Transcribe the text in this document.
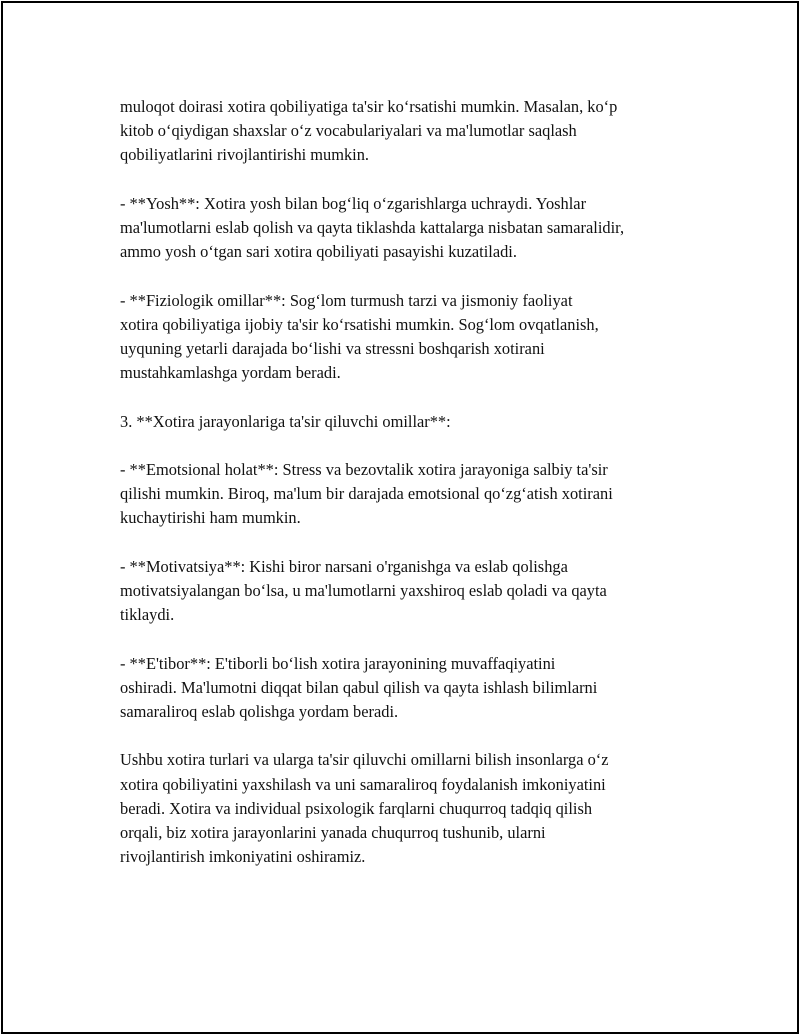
muloqot doirasi xotira qobiliyatiga ta'sir ko‘rsatishi mumkin. Masalan, ko‘p
kitob o‘qiydigan shaxslar o‘z vocabulariyalari va ma'lumotlar saqlash
qobiliyatlarini rivojlantirishi mumkin.

- **Yosh**: Xotira yosh bilan bog‘liq o‘zgarishlarga uchraydi. Yoshlar
ma'lumotlarni eslab qolish va qayta tiklashda kattalarga nisbatan samaralidir,
ammo yosh o‘tgan sari xotira qobiliyati pasayishi kuzatiladi.

- **Fiziologik omillar**: Sog‘lom turmush tarzi va jismoniy faoliyat
xotira qobiliyatiga ijobiy ta'sir ko‘rsatishi mumkin. Sog‘lom ovqatlanish,
uyquning yetarli darajada bo‘lishi va stressni boshqarish xotirani
mustahkamlashga yordam beradi.

3. **Xotira jarayonlariga ta'sir qiluvchi omillar**:

- **Emotsional holat**: Stress va bezovtalik xotira jarayoniga salbiy ta'sir
qilishi mumkin. Biroq, ma'lum bir darajada emotsional qo‘zg‘atish xotirani
kuchaytirishi ham mumkin.

- **Motivatsiya**: Kishi biror narsani o'rganishga va eslab qolishga
motivatsiyalangan bo‘lsa, u ma'lumotlarni yaxshiroq eslab qoladi va qayta
tiklaydi.

- **E'tibor**: E'tiborli bo‘lish xotira jarayonining muvaffaqiyatini
oshiradi. Ma'lumotni diqqat bilan qabul qilish va qayta ishlash bilimlarni
samaraliroq eslab qolishga yordam beradi.

Ushbu xotira turlari va ularga ta'sir qiluvchi omillarni bilish insonlarga o‘z
xotira qobiliyatini yaxshilash va uni samaraliroq foydalanish imkoniyatini
beradi. Xotira va individual psixologik farqlarni chuqurroq tadqiq qilish
orqali, biz xotira jarayonlarini yanada chuqurroq tushunib, ularni
rivojlantirish imkoniyatini oshiramiz.
